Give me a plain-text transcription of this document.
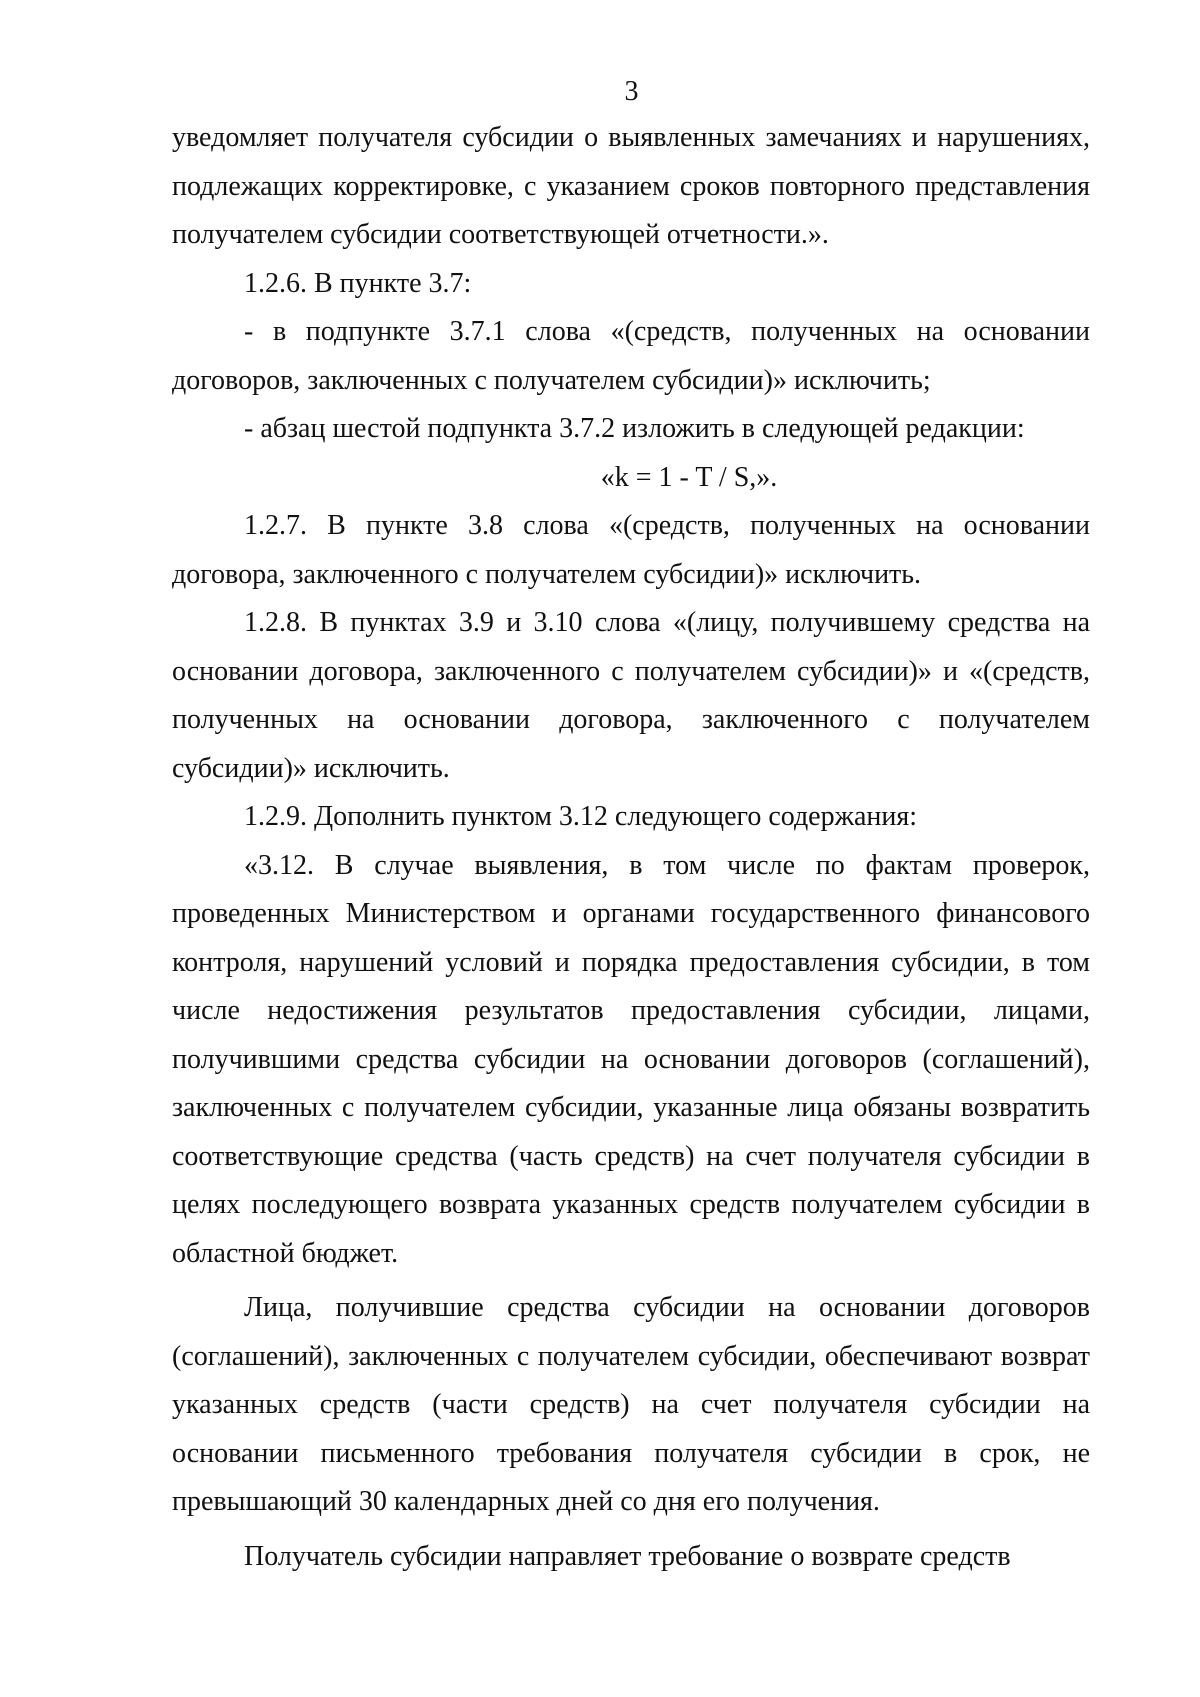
3

уведомляет получателя субсидии о выявленных замечаниях и нарушениях, подлежащих корректировке, с указанием сроков повторного представления получателем субсидии соответствующей отчетности.».

1.2.6. В пункте 3.7:

- в подпункте 3.7.1 слова «(средств, полученных на основании договоров, заключенных с получателем субсидии)» исключить;

- абзац шестой подпункта 3.7.2 изложить в следующей редакции:

«k = 1 - T / S,».

1.2.7. В пункте 3.8 слова «(средств, полученных на основании договора, заключенного с получателем субсидии)» исключить.

1.2.8. В пунктах 3.9 и 3.10 слова «(лицу, получившему средства на основании договора, заключенного с получателем субсидии)» и «(средств, полученных на основании договора, заключенного с получателем субсидии)» исключить.

1.2.9. Дополнить пунктом 3.12 следующего содержания:

«3.12. В случае выявления, в том числе по фактам проверок, проведенных Министерством и органами государственного финансового контроля, нарушений условий и порядка предоставления субсидии, в том числе недостижения результатов предоставления субсидии, лицами, получившими средства субсидии на основании договоров (соглашений), заключенных с получателем субсидии, указанные лица обязаны возвратить соответствующие средства (часть средств) на счет получателя субсидии в целях последующего возврата указанных средств получателем субсидии в областной бюджет.

Лица, получившие средства субсидии на основании договоров (соглашений), заключенных с получателем субсидии, обеспечивают возврат указанных средств (части средств) на счет получателя субсидии на основании письменного требования получателя субсидии в срок, не превышающий 30 календарных дней со дня его получения.

Получатель субсидии направляет требование о возврате средств
